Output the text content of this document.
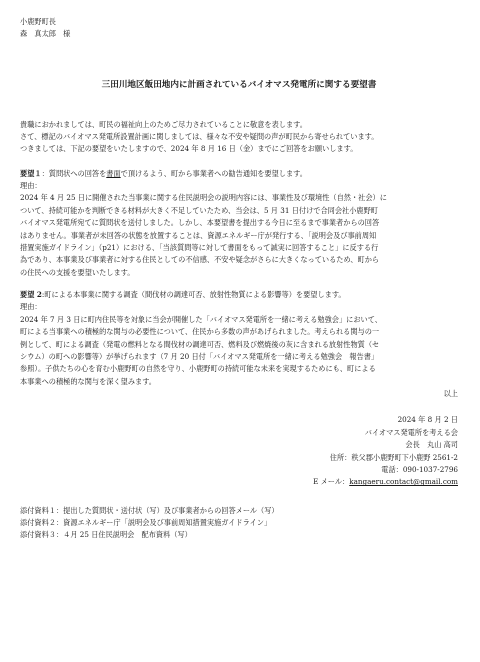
小鹿野町長

森　真太郎　様

三田川地区飯田地内に計画されているバイオマス発電所に関する要望書

貴職におかれましては、町民の福祉向上のためご尽力されていることに敬意を表します。

さて、標記のバイオマス発電所設置計画に関しましては、様々な不安や疑問の声が町民から寄せられています。

つきましては、下記の要望をいたしますので、2024 年 8 月 16 日（金）までにご回答をお願いします。

要望１：質問状への回答を書面で頂けるよう、町から事業者への勧告通知を要望します。

理由：

2024 年 4 月 25 日に開催された当事業に関する住民説明会の説明内容には、事業性及び環境性（自然・社会）に

ついて、持続可能かを判断できる材料が大きく不足していたため、当会は、5 月 31 日付けで合同会社小鹿野町

バイオマス発電所宛てに質問状を送付しました。しかし、本要望書を提出する今日に至るまで事業者からの回答

はありません。事業者が未回答の状態を放置することは、資源エネルギー庁が発行する、「説明会及び事前周知

措置実施ガイドライン」（p21）における、「当該質問等に対して書面をもって誠実に回答すること」に反する行

為であり、本事業及び事業者に対する住民としての不信感、不安や疑念がさらに大きくなっているため、町から

の住民への支援を要望いたします。

要望 2:町による本事業に関する調査（間伐材の調達可否、放射性物質による影響等）を要望します。

理由：

2024 年 7 月 3 日に町内住民等を対象に当会が開催した「バイオマス発電所を一緒に考える勉強会」において、

町による当事業への積極的な関与の必要性について、住民から多数の声があげられました。考えられる関与の一

例として、町による調査（発電の燃料となる間伐材の調達可否、燃料及び燃焼後の灰に含まれる放射性物質（セ

シウム）の町への影響等）が挙げられます（7 月 20 日付「バイオマス発電所を一緒に考える勉強会　報告書」

参照）。子供たちの心を育む小鹿野町の自然を守り、小鹿野町の持続可能な未来を実現するためにも、町による

本事業への積極的な関与を深く望みます。

以上

2024 年 8 月 2 日
バイオマス発電所を考える会
会長　丸山 高司
住所：秩父郡小鹿野町下小鹿野 2561-2
電話：090-1037-2796
E メール：kangaeru.contact@gmail.com

添付資料１：提出した質問状・送付状（写）及び事業者からの回答メール（写）

添付資料２：資源エネルギー庁「説明会及び事前周知措置実施ガイドライン」

添付資料３：４月 25 日住民説明会　配布資料（写）
